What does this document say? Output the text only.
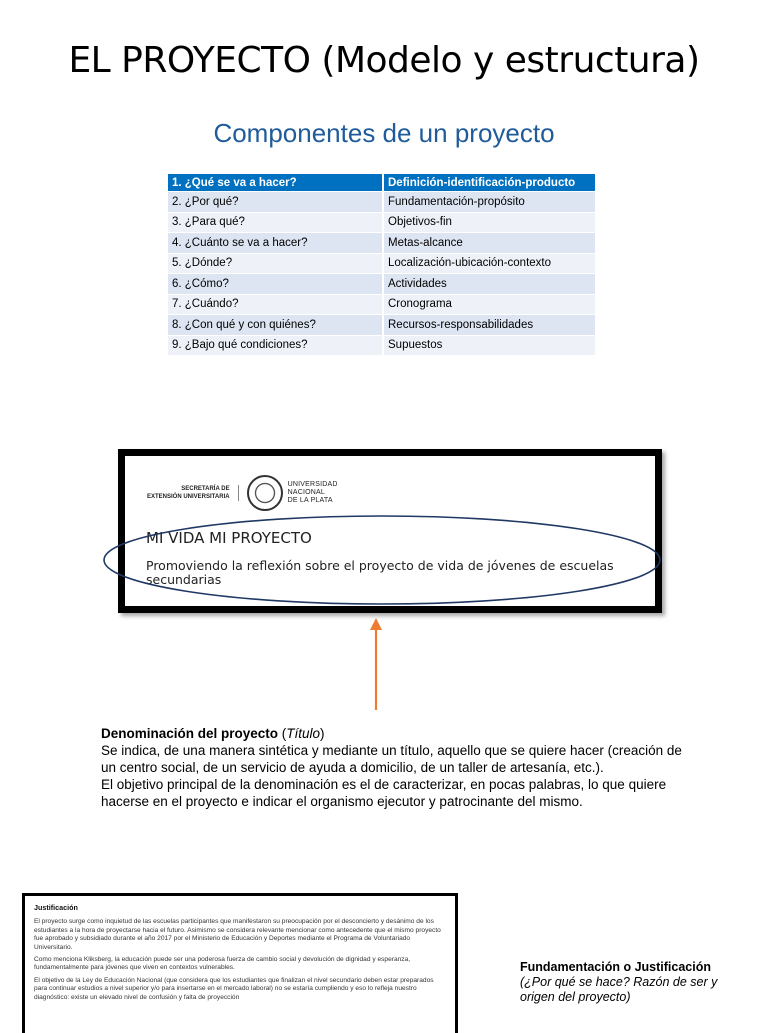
EL PROYECTO (Modelo y estructura)
Componentes de un proyecto
1. ¿Qué se va a hacer?	Definición-identificación-producto
2. ¿Por qué?	Fundamentación-propósito
3. ¿Para qué?	Objetivos-fin
4. ¿Cuánto se va a hacer?	Metas-alcance
5. ¿Dónde?	Localización-ubicación-contexto
6. ¿Cómo?	Actividades
7. ¿Cuándo?	Cronograma
8. ¿Con qué y con quiénes?	Recursos-responsabilidades
9. ¿Bajo qué condiciones?	Supuestos
SECRETARÍA DE
EXTENSIÓN UNIVERSITARIA
UNIVERSIDAD
NACIONAL
DE LA PLATA
MI VIDA MI PROYECTO
Promoviendo la reflexión sobre el proyecto de vida de jóvenes de escuelas secundarias

Denominación del proyecto (Título)

Se indica, de una manera sintética y mediante un título, aquello que se quiere hacer (creación de un centro social, de un servicio de ayuda a domicilio, de un taller de artesanía, etc.).

El objetivo principal de la denominación es el de caracterizar, en pocas palabras, lo que quiere hacerse en el proyecto e indicar el organismo ejecutor y patrocinante del mismo.

Justificación

El proyecto surge como inquietud de las escuelas participantes que manifestaron su preocupación por el desconcierto y desánimo de los estudiantes a la hora de proyectarse hacia el futuro. Asimismo se considera relevante mencionar como antecedente que el mismo proyecto fue aprobado y subsidiado durante el año 2017 por el Ministerio de Educación y Deportes mediante el Programa de Voluntariado Universitario.

Como menciona Kliksberg, la educación puede ser una poderosa fuerza de cambio social y devolución de dignidad y esperanza, fundamentalmente para jóvenes que viven en contextos vulnerables.

El objetivo de la Ley de Educación Nacional (que considera que los estudiantes que finalizan el nivel secundario deben estar preparados para continuar estudios a nivel superior y/o para insertarse en el mercado laboral) no se estaría cumpliendo y eso lo refleja nuestro diagnóstico: existe un elevado nivel de confusión y falta de proyección

Fundamentación o Justificación
(¿Por qué se hace? Razón de ser y origen del proyecto)
